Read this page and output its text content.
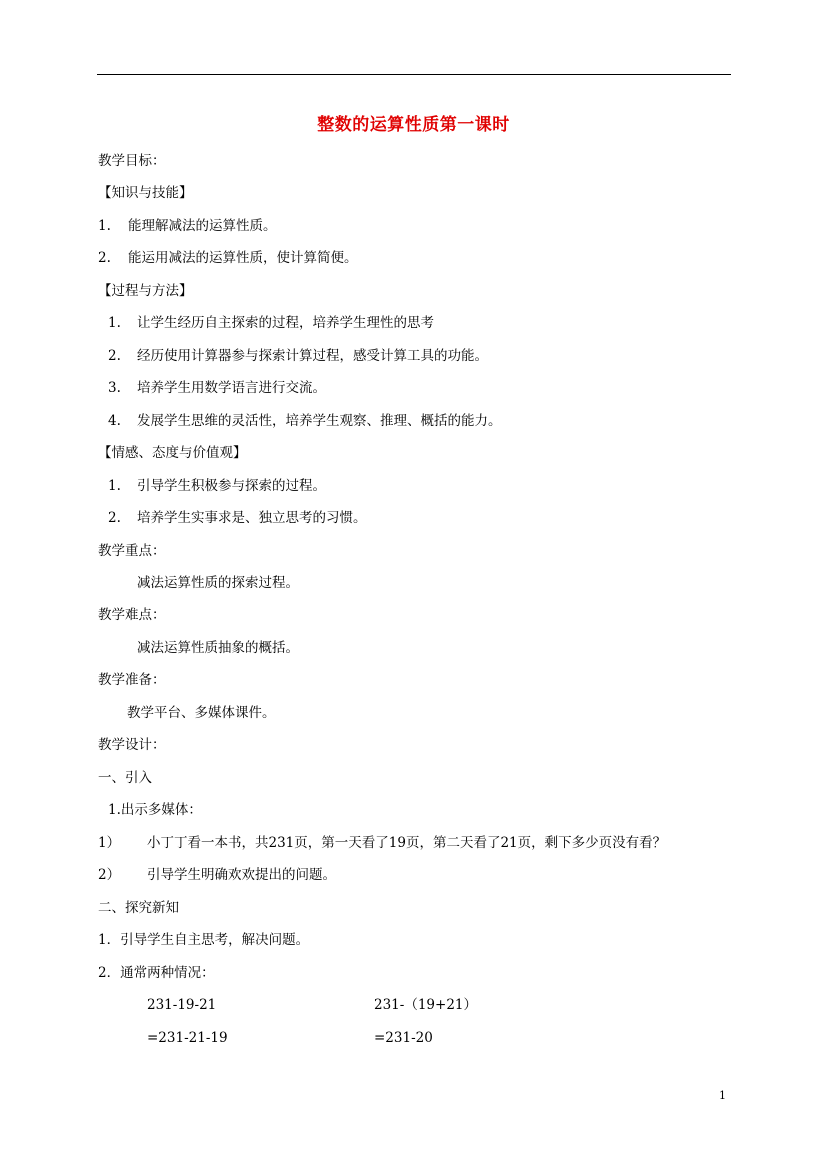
整数的运算性质第一课时
教学目标：
【知识与技能】
1. 能理解减法的运算性质。
2. 能运用减法的运算性质，使计算简便。
【过程与方法】
1. 让学生经历自主探索的过程，培养学生理性的思考
2. 经历使用计算器参与探索计算过程，感受计算工具的功能。
3. 培养学生用数学语言进行交流。
4. 发展学生思维的灵活性，培养学生观察、推理、概括的能力。
【情感、态度与价值观】
1. 引导学生积极参与探索的过程。
2. 培养学生实事求是、独立思考的习惯。
教学重点：
减法运算性质的探索过程。
教学难点：
减法运算性质抽象的概括。
教学准备：
教学平台、多媒体课件。
教学设计：
一、引入
1.出示多媒体：
1） 小丁丁看一本书，共231页，第一天看了19页，第二天看了21页，剩下多少页没有看？
2） 引导学生明确欢欢提出的问题。
二、探究新知
1．引导学生自主思考，解决问题。
2．通常两种情况：
231-19-21	231-（19+21）
=231-21-19	=231-20
1
